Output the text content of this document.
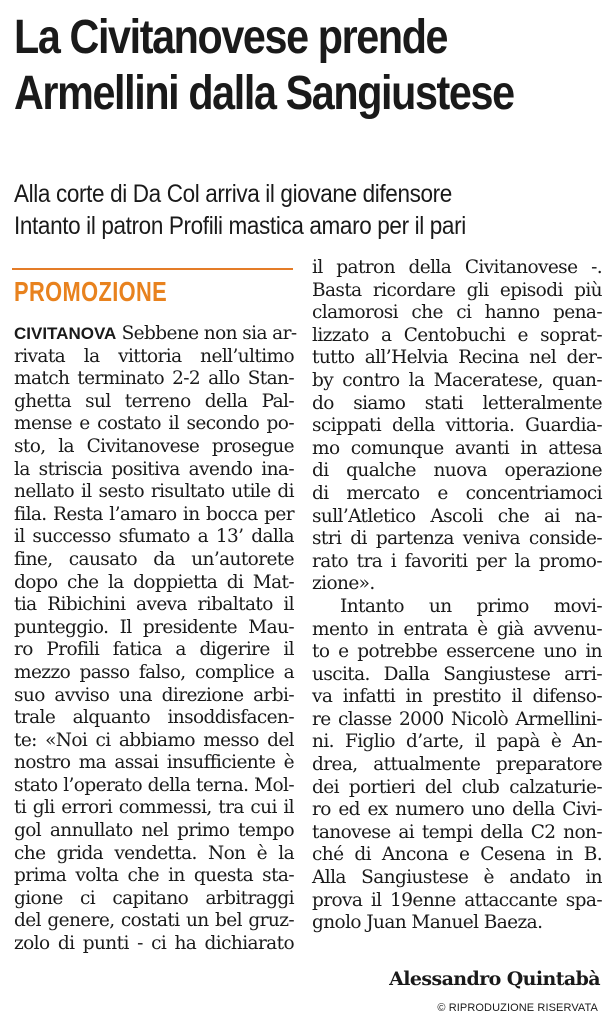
La Civitanovese prende
Armellini dalla Sangiustese
Alla corte di Da Col arriva il giovane difensore
Intanto il patron Profili mastica amaro per il pari
PROMOZIONE
CIVITANOVA Sebbene non sia ar-
rivata la vittoria nell’ultimo
match terminato 2-2 allo Stan-
ghetta sul terreno della Pal-
mense e costato il secondo po-
sto, la Civitanovese prosegue
la striscia positiva avendo ina-
nellato il sesto risultato utile di
fila. Resta l’amaro in bocca per
il successo sfumato a 13’ dalla
fine, causato da un’autorete
dopo che la doppietta di Mat-
tia Ribichini aveva ribaltato il
punteggio. Il presidente Mau-
ro Profili fatica a digerire il
mezzo passo falso, complice a
suo avviso una direzione arbi-
trale alquanto insoddisfacen-
te: «Noi ci abbiamo messo del
nostro ma assai insufficiente è
stato l’operato della terna. Mol-
ti gli errori commessi, tra cui il
gol annullato nel primo tempo
che grida vendetta. Non è la
prima volta che in questa sta-
gione ci capitano arbitraggi
del genere, costati un bel gruz-
zolo di punti - ci ha dichiarato
il patron della Civitanovese -.
Basta ricordare gli episodi più
clamorosi che ci hanno pena-
lizzato a Centobuchi e soprat-
tutto all’Helvia Recina nel der-
by contro la Maceratese, quan-
do siamo stati letteralmente
scippati della vittoria. Guardia-
mo comunque avanti in attesa
di qualche nuova operazione
di mercato e concentriamoci
sull’Atletico Ascoli che ai na-
stri di partenza veniva conside-
rato tra i favoriti per la promo-
zione».
Intanto un primo movi-
mento in entrata è già avvenu-
to e potrebbe essercene uno in
uscita. Dalla Sangiustese arri-
va infatti in prestito il difenso-
re classe 2000 Nicolò Armellini-
ni. Figlio d’arte, il papà è An-
drea, attualmente preparatore
dei portieri del club calzaturie-
ro ed ex numero uno della Civi-
tanovese ai tempi della C2 non-
ché di Ancona e Cesena in B.
Alla Sangiustese è andato in
prova il 19enne attaccante spa-
gnolo Juan Manuel Baeza.
Alessandro Quintabà
© RIPRODUZIONE RISERVATA
